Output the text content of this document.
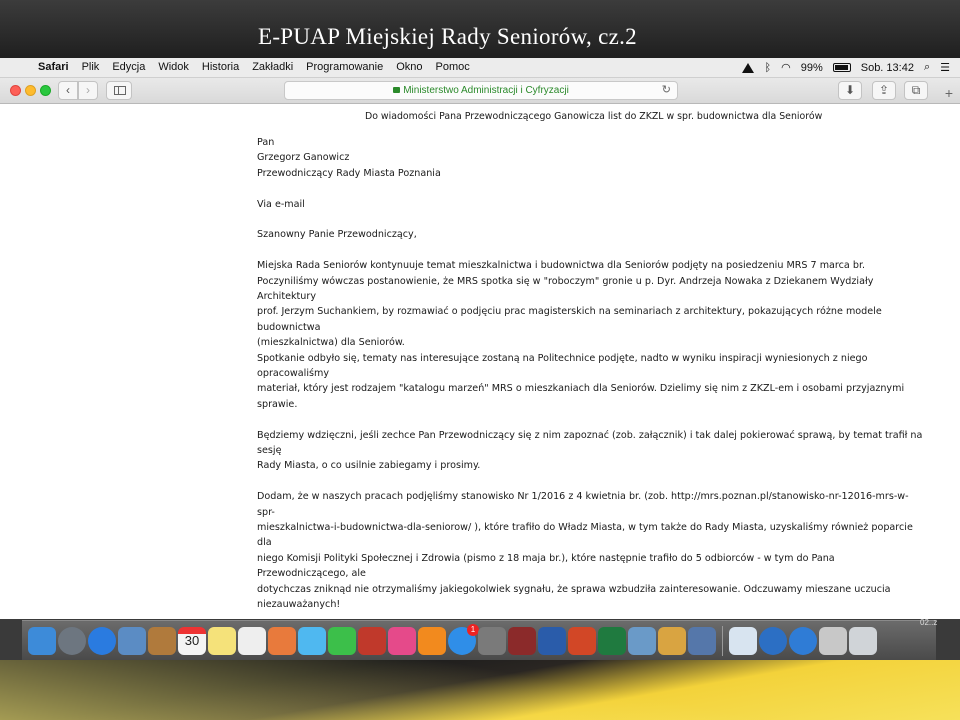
E-PUAP Miejskiej Rady Seniorów, cz.2
Safari Plik Edycja Widok Historia Zakładki Programowanie Okno Pomoc	ᛒ ◠ 99%	Sob. 13:42 ⌕ ☰
‹	›	Ministerstwo Administracji i Cyfryzacji	↻	⬇	⇪	⧉	+
Do wiadomości Pana Przewodniczącego Ganowicza list do ZKZL w spr. budownictwa dla Seniorów

Pan
Grzegorz Ganowicz
Przewodniczący Rady Miasta Poznania

Via e-mail

Szanowny Panie Przewodniczący,

Miejska Rada Seniorów kontynuuje temat mieszkalnictwa i budownictwa dla Seniorów podjęty na posiedzeniu MRS 7 marca br.
Poczyniliśmy wówczas postanowienie, że MRS spotka się w "roboczym" gronie u p. Dyr. Andrzeja Nowaka z Dziekanem Wydziały Architektury
prof. Jerzym Suchankiem, by rozmawiać o podjęciu prac magisterskich na seminariach z architektury, pokazujących różne modele budownictwa
(mieszkalnictwa) dla Seniorów.
Spotkanie odbyło się, tematy nas interesujące zostaną na Politechnice podjęte, nadto w wyniku inspiracji wyniesionych z niego opracowaliśmy
materiał, który jest rodzajem "katalogu marzeń" MRS o mieszkaniach dla Seniorów. Dzielimy się nim z ZKZL-em i osobami przyjaznymi sprawie.

Będziemy wdzięczni, jeśli zechce Pan Przewodniczący się z nim zapoznać (zob. załącznik) i tak dalej pokierować sprawą, by temat trafił na sesję
Rady Miasta, o co usilnie zabiegamy i prosimy.

Dodam, że w naszych pracach podjęliśmy stanowisko Nr 1/2016 z 4 kwietnia br. (zob. http://mrs.poznan.pl/stanowisko-nr-12016-mrs-w-spr-
mieszkalnictwa-i-budownictwa-dla-seniorow/ ), które trafiło do Władz Miasta, w tym także do Rady Miasta, uzyskaliśmy również poparcie dla
niego Komisji Polityki Społecznej i Zdrowia (pismo z 18 maja br.), które następnie trafiło do 5 odbiorców - w tym do Pana Przewodniczącego, ale
dotychczas zniknąd nie otrzymaliśmy jakiegokolwiek sygnału, że sprawa wzbudziła zainteresowanie. Odczuwamy mieszane uczucia
niezauważanych!

30
1
02..z
